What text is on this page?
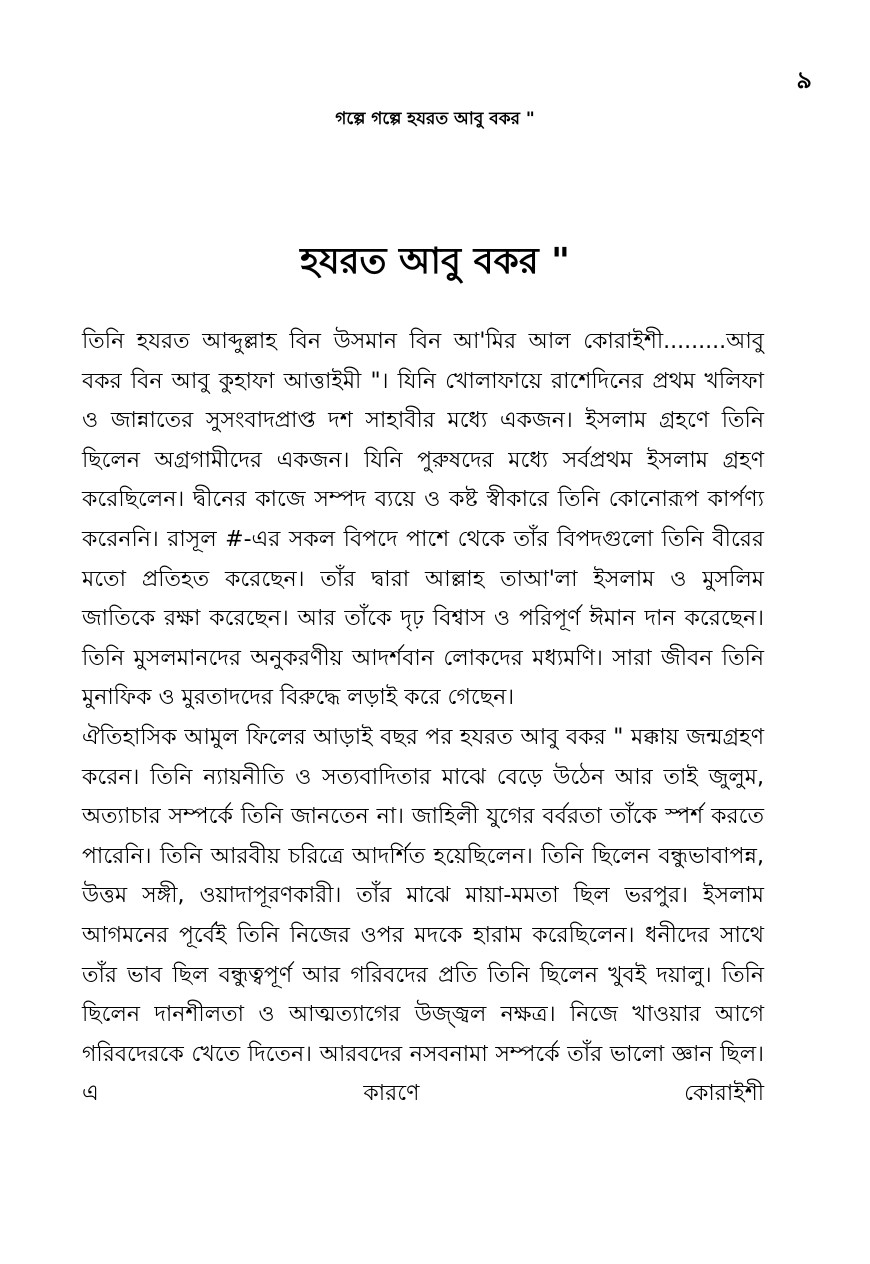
৯
গল্পে গল্পে হযরত আবু বকর "
হযরত আবু বকর "

তিনি হযরত আব্দুল্লাহ বিন উসমান বিন আ'মির আল কোরাইশী.........আবু বকর বিন আবু কুহাফা আত্তাইমী "। যিনি খোলাফায়ে রাশেদিনের প্রথম খলিফা ও জান্নাতের সুসংবাদপ্রাপ্ত দশ সাহাবীর মধ্যে একজন। ইসলাম গ্রহণে তিনি ছিলেন অগ্রগামীদের একজন। যিনি পুরুষদের মধ্যে সর্বপ্রথম ইসলাম গ্রহণ করেছিলেন। দ্বীনের কাজে সম্পদ ব্যয়ে ও কষ্ট স্বীকারে তিনি কোনোরূপ কার্পণ্য করেননি। রাসূল #-এর সকল বিপদে পাশে থেকে তাঁর বিপদগুলো তিনি বীরের মতো প্রতিহত করেছেন। তাঁর দ্বারা আল্লাহ তাআ'লা ইসলাম ও মুসলিম জাতিকে রক্ষা করেছেন। আর তাঁকে দৃঢ় বিশ্বাস ও পরিপূর্ণ ঈমান দান করেছেন। তিনি মুসলমানদের অনুকরণীয় আদর্শবান লোকদের মধ্যমণি। সারা জীবন তিনি মুনাফিক ও মুরতাদদের বিরুদ্ধে লড়াই করে গেছেন।

ঐতিহাসিক আমুল ফিলের আড়াই বছর পর হযরত আবু বকর " মক্কায় জন্মগ্রহণ করেন। তিনি ন্যায়নীতি ও সত্যবাদিতার মাঝে বেড়ে উঠেন আর তাই জুলুম, অত্যাচার সম্পর্কে তিনি জানতেন না। জাহিলী যুগের বর্বরতা তাঁকে স্পর্শ করতে পারেনি। তিনি আরবীয় চরিত্রে আদর্শিত হয়েছিলেন। তিনি ছিলেন বন্ধুভাবাপন্ন, উত্তম সঙ্গী, ওয়াদাপূরণকারী। তাঁর মাঝে মায়া-মমতা ছিল ভরপুর। ইসলাম আগমনের পূর্বেই তিনি নিজের ওপর মদকে হারাম করেছিলেন। ধনীদের সাথে তাঁর ভাব ছিল বন্ধুত্বপূর্ণ আর গরিবদের প্রতি তিনি ছিলেন খুবই দয়ালু। তিনি ছিলেন দানশীলতা ও আত্মত্যাগের উজ্জ্বল নক্ষত্র। নিজে খাওয়ার আগে গরিবদেরকে খেতে দিতেন। আরবদের নসবনামা সম্পর্কে তাঁর ভালো জ্ঞান ছিল। এ কারণে কোরাইশী
